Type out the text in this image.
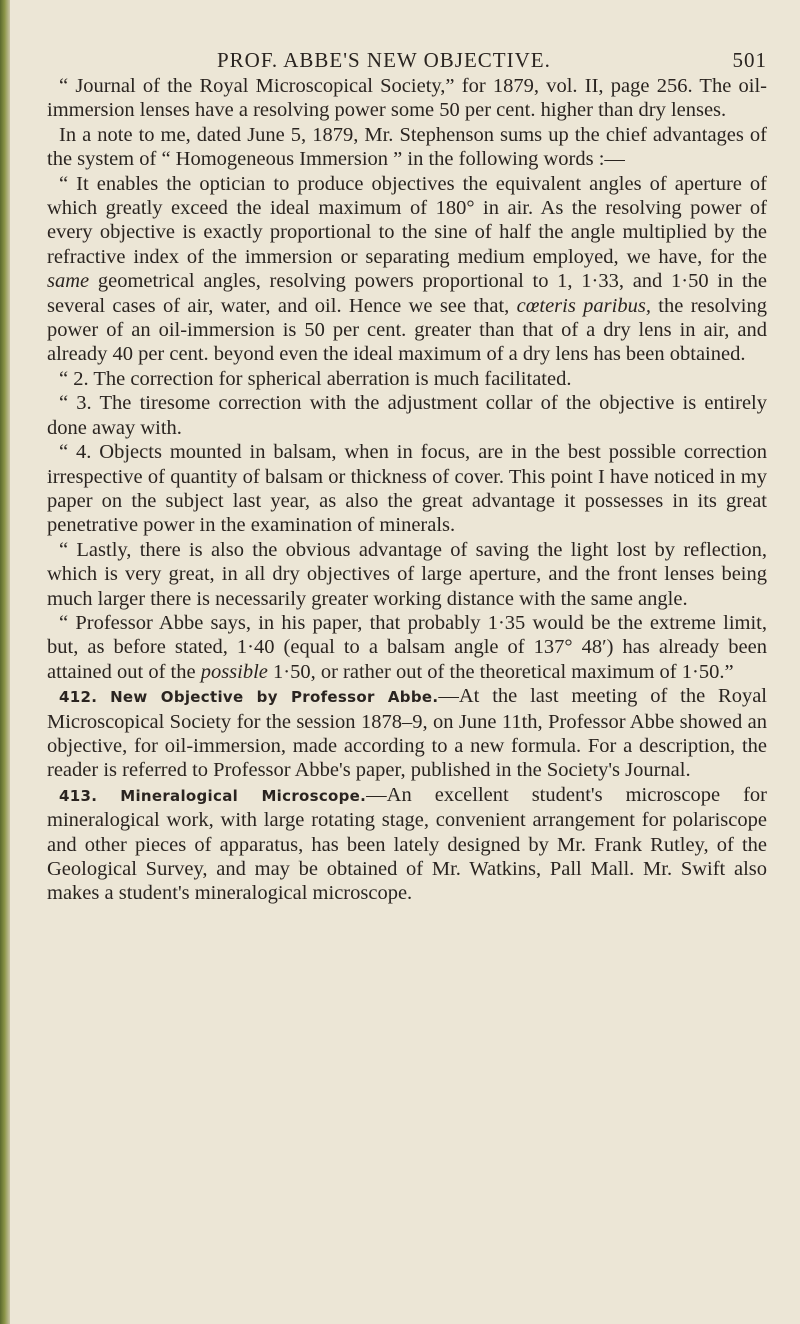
PROF. ABBE'S NEW OBJECTIVE.	501

“ Journal of the Royal Microscopical Society,” for 1879, vol. II, page 256. The oil-immersion lenses have a resolving power some 50 per cent. higher than dry lenses.

In a note to me, dated June 5, 1879, Mr. Stephenson sums up the chief advantages of the system of “ Homogeneous Immersion ” in the following words :—

“ It enables the optician to produce objectives the equivalent angles of aperture of which greatly exceed the ideal maximum of 180° in air. As the resolving power of every objective is exactly proportional to the sine of half the angle multiplied by the refractive index of the immersion or separating medium employed, we have, for the same geometrical angles, resolving powers proportional to 1, 1·33, and 1·50 in the several cases of air, water, and oil. Hence we see that, cœteris paribus, the resolving power of an oil-immersion is 50 per cent. greater than that of a dry lens in air, and already 40 per cent. beyond even the ideal maximum of a dry lens has been obtained.

“ 2. The correction for spherical aberration is much facilitated.

“ 3. The tiresome correction with the adjustment collar of the objective is entirely done away with.

“ 4. Objects mounted in balsam, when in focus, are in the best possible correction irrespective of quantity of balsam or thickness of cover. This point I have noticed in my paper on the subject last year, as also the great advantage it possesses in its great penetrative power in the examination of minerals.

“ Lastly, there is also the obvious advantage of saving the light lost by reflection, which is very great, in all dry objectives of large aperture, and the front lenses being much larger there is necessarily greater working distance with the same angle.

“ Professor Abbe says, in his paper, that probably 1·35 would be the extreme limit, but, as before stated, 1·40 (equal to a balsam angle of 137° 48′) has already been attained out of the possible 1·50, or rather out of the theoretical maximum of 1·50.”

412. New Objective by Professor Abbe.—At the last meeting of the Royal Microscopical Society for the session 1878–9, on June 11th, Professor Abbe showed an objective, for oil-immersion, made according to a new formula. For a description, the reader is referred to Professor Abbe's paper, published in the Society's Journal.

413. Mineralogical Microscope.—An excellent student's microscope for mineralogical work, with large rotating stage, convenient arrangement for polariscope and other pieces of apparatus, has been lately designed by Mr. Frank Rutley, of the Geological Survey, and may be obtained of Mr. Watkins, Pall Mall. Mr. Swift also makes a student's mineralogical microscope.
